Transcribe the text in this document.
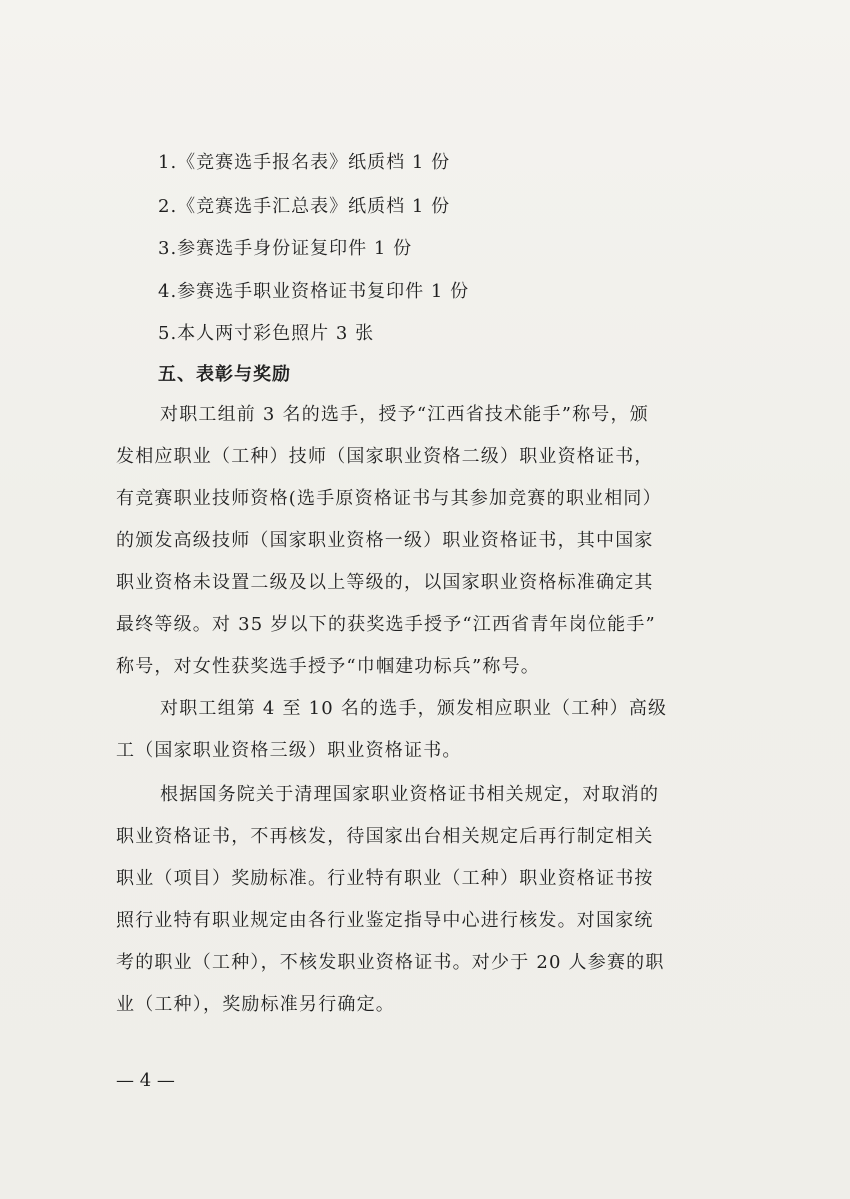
1.《竞赛选手报名表》纸质档 1 份
2.《竞赛选手汇总表》纸质档 1 份
3.参赛选手身份证复印件 1 份
4.参赛选手职业资格证书复印件 1 份
5.本人两寸彩色照片 3 张
五、表彰与奖励
对职工组前 3 名的选手，授予“江西省技术能手”称号，颁
发相应职业（工种）技师（国家职业资格二级）职业资格证书，
有竞赛职业技师资格(选手原资格证书与其参加竞赛的职业相同）
的颁发高级技师（国家职业资格一级）职业资格证书，其中国家
职业资格未设置二级及以上等级的，以国家职业资格标准确定其
最终等级。对 35 岁以下的获奖选手授予“江西省青年岗位能手”
称号，对女性获奖选手授予“巾帼建功标兵”称号。
对职工组第 4 至 10 名的选手，颁发相应职业（工种）高级
工（国家职业资格三级）职业资格证书。
根据国务院关于清理国家职业资格证书相关规定，对取消的
职业资格证书，不再核发，待国家出台相关规定后再行制定相关
职业（项目）奖励标准。行业特有职业（工种）职业资格证书按
照行业特有职业规定由各行业鉴定指导中心进行核发。对国家统
考的职业（工种），不核发职业资格证书。对少于 20 人参赛的职
业（工种），奖励标准另行确定。
— 4 —
